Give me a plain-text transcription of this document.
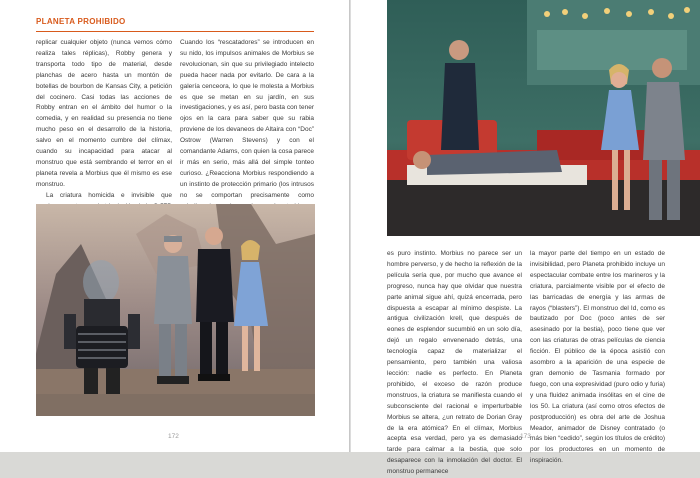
PLANETA PROHIBIDO

replicar cualquier objeto (nunca vemos cómo realiza tales réplicas), Robby genera y transporta todo tipo de material, desde planchas de acero hasta un montón de botellas de bourbon de Kansas City, a petición del cocinero. Casi todas las acciones de Robby entran en el ámbito del humor o la comedia, y en realidad su presencia no tiene mucho peso en el desarrollo de la historia, salvo en el momento cumbre del clímax, cuando su incapacidad para atacar al monstruo que está sembrando el terror en el planeta revela a Morbius que él mismo es ese monstruo.

La criatura homicida e invisible que

Cuando los “rescatadores” se introducen en su nido, los impulsos animales de Morbius se revolucionan, sin que su privilegiado intelecto pueda hacer nada por evitarlo. De cara a la galería cenceora, lo que le molesta a Morbius es que se metan en su jardín, en sus investigaciones, y es así, pero basta con tener ojos en la cara para saber que su rabia proviene de los devaneos de Altaira con “Doc” Ostrow (Warren Stevens) y con el comandante Adams, con quien la cosa parece ir más en serio, más allá del simple tonteo curioso. ¿Reacciona Morbius respondiendo a un instinto de protección primario (los intrusos no se comportan precisamente como

172

es puro instinto. Morbius no parece ser un hombre perverso, y de hecho la reflexión de la película sería que, por mucho que avance el progreso, nunca hay que olvidar que nuestra parte animal sigue ahí, quizá encerrada, pero dispuesta a escapar al mínimo despiste. La antigua civilización krell, que después de eones de esplendor sucumbió en un solo día, dejó un regalo envenenado detrás, una tecnología capaz de materializar el pensamiento, pero también una valiosa lección: nadie es perfecto. En Planeta prohibido, el exceso de razón produce monstruos, la criatura se manifiesta cuando el subconsciente del racional e imperturbable Morbius se altera, ¿un retrato de Dorian Gray de la era atómica? En el clímax, Morbius acepta esa verdad, pero ya es demasiado tarde para calmar a la bestia, que solo desaparece con la inmolación del doctor. El monstruo permanece

la mayor parte del tiempo en un estado de invisibilidad, pero Planeta prohibido incluye un espectacular combate entre los marineros y la criatura, parcialmente visible por el efecto de las barricadas de energía y las armas de rayos (“blasters”). El monstruo del Id, como es bautizado por Doc (poco antes de ser asesinado por la bestia), poco tiene que ver con las criaturas de otras películas de ciencia ficción. El público de la época asistió con asombro a la aparición de una especie de gran demonio de Tasmania formado por fuego, con una expresividad (puro odio y furia) y una fluidez animada insólitas en el cine de los 50. La criatura (así como otros efectos de postproducción) es obra del arte de Joshua Meador, animador de Disney contratado (o más bien “cedido”, según los títulos de crédito) por los productores en un momento de inspiración.

173
